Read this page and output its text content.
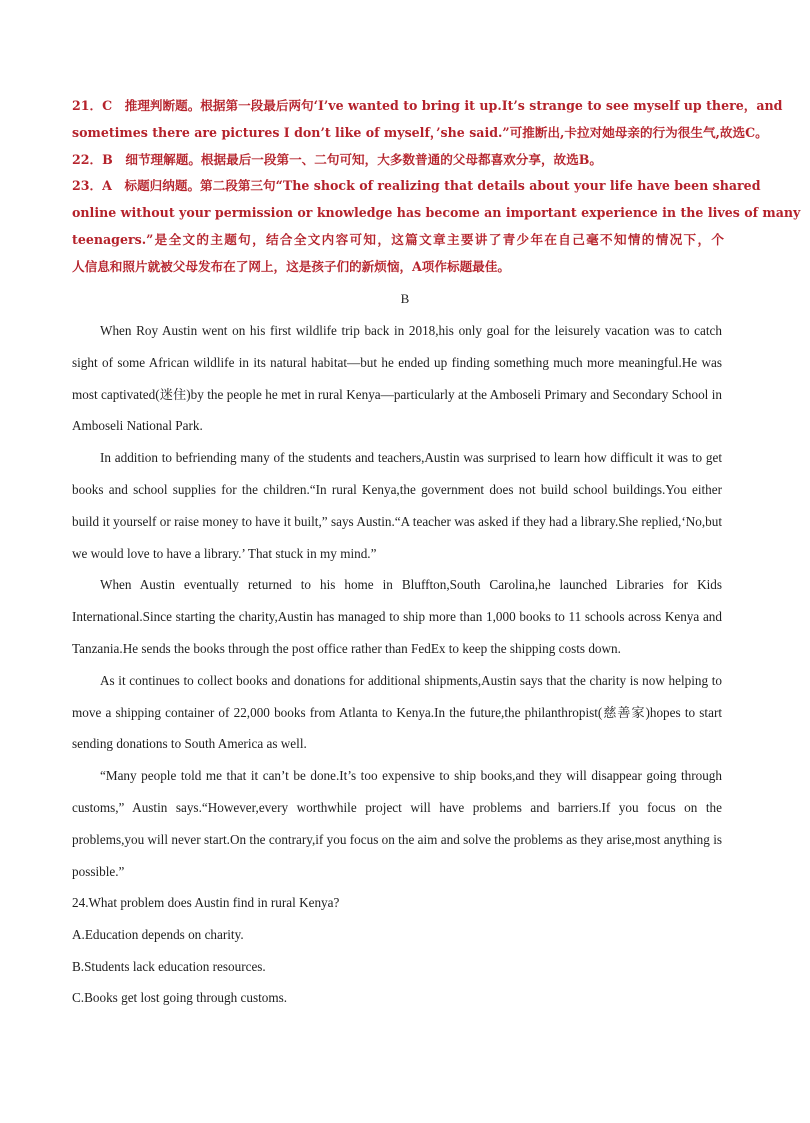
21．C　推理判断题。根据第一段最后两句‘I’ve wanted to bring it up.It’s strange to see myself up there，and
sometimes there are pictures I don’t like of myself，’she said.”可推断出,卡拉对她母亲的行为很生气,故选C。
22．B　细节理解题。根据最后一段第一、二句可知，大多数普通的父母都喜欢分享，故选B。
23．A　标题归纳题。第二段第三句“The shock of realizing that details about your life have been shared
online without your permission or knowledge has become an important experience in the lives of many
teenagers.”是全文的主题句，结合全文内容可知，这篇文章主要讲了青少年在自己毫不知情的情况下，个
人信息和照片就被父母发布在了网上，这是孩子们的新烦恼，A项作标题最佳。
B

When Roy Austin went on his first wildlife trip back in 2018,his only goal for the leisurely vacation was to catch sight of some African wildlife in its natural habitat—but he ended up finding something much more meaningful.He was most captivated(迷住)by the people he met in rural Kenya—particularly at the Amboseli Primary and Secondary School in Amboseli National Park.

In addition to befriending many of the students and teachers,Austin was surprised to learn how difficult it was to get books and school supplies for the children.“In rural Kenya,the government does not build school buildings.You either build it yourself or raise money to have it built,” says Austin.“A teacher was asked if they had a library.She replied,‘No,but we would love to have a library.’ That stuck in my mind.”

When Austin eventually returned to his home in Bluffton,South Carolina,he launched Libraries for Kids International.Since starting the charity,Austin has managed to ship more than 1,000 books to 11 schools across Kenya and Tanzania.He sends the books through the post office rather than FedEx to keep the shipping costs down.

As it continues to collect books and donations for additional shipments,Austin says that the charity is now helping to move a shipping container of 22,000 books from Atlanta to Kenya.In the future,the philanthropist(慈善家)hopes to start sending donations to South America as well.

“Many people told me that it can’t be done.It’s too expensive to ship books,and they will disappear going through customs,” Austin says.“However,every worthwhile project will have problems and barriers.If you focus on the problems,you will never start.On the contrary,if you focus on the aim and solve the problems as they arise,most anything is possible.”

24.What problem does Austin find in rural Kenya?
A.Education depends on charity.
B.Students lack education resources.
C.Books get lost going through customs.
